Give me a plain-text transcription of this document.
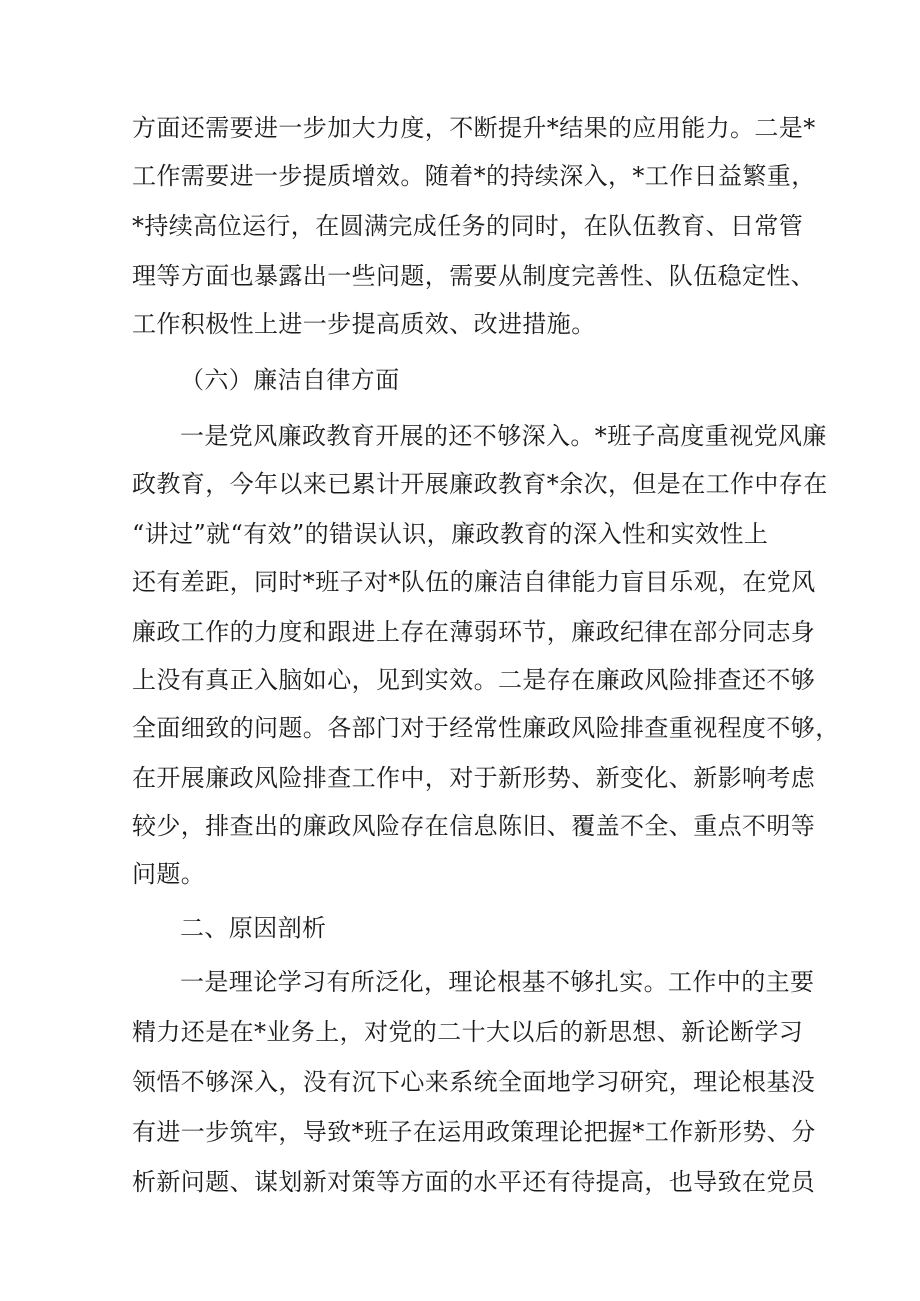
方面还需要进一步加大力度，不断提升*结果的应用能力。二是*
工作需要进一步提质增效。随着*的持续深入，*工作日益繁重，
*持续高位运行，在圆满完成任务的同时，在队伍教育、日常管
理等方面也暴露出一些问题，需要从制度完善性、队伍稳定性、
工作积极性上进一步提高质效、改进措施。
（六）廉洁自律方面
一是党风廉政教育开展的还不够深入。*班子高度重视党风廉
政教育，今年以来已累计开展廉政教育*余次，但是在工作中存在
“讲过”就“有效”的错误认识，廉政教育的深入性和实效性上
还有差距，同时*班子对*队伍的廉洁自律能力盲目乐观，在党风
廉政工作的力度和跟进上存在薄弱环节，廉政纪律在部分同志身
上没有真正入脑如心，见到实效。二是存在廉政风险排查还不够
全面细致的问题。各部门对于经常性廉政风险排查重视程度不够，
在开展廉政风险排查工作中，对于新形势、新变化、新影响考虑
较少，排查出的廉政风险存在信息陈旧、覆盖不全、重点不明等
问题。
二、原因剖析
一是理论学习有所泛化，理论根基不够扎实。工作中的主要
精力还是在*业务上，对党的二十大以后的新思想、新论断学习
领悟不够深入，没有沉下心来系统全面地学习研究，理论根基没
有进一步筑牢，导致*班子在运用政策理论把握*工作新形势、分
析新问题、谋划新对策等方面的水平还有待提高，也导致在党员
